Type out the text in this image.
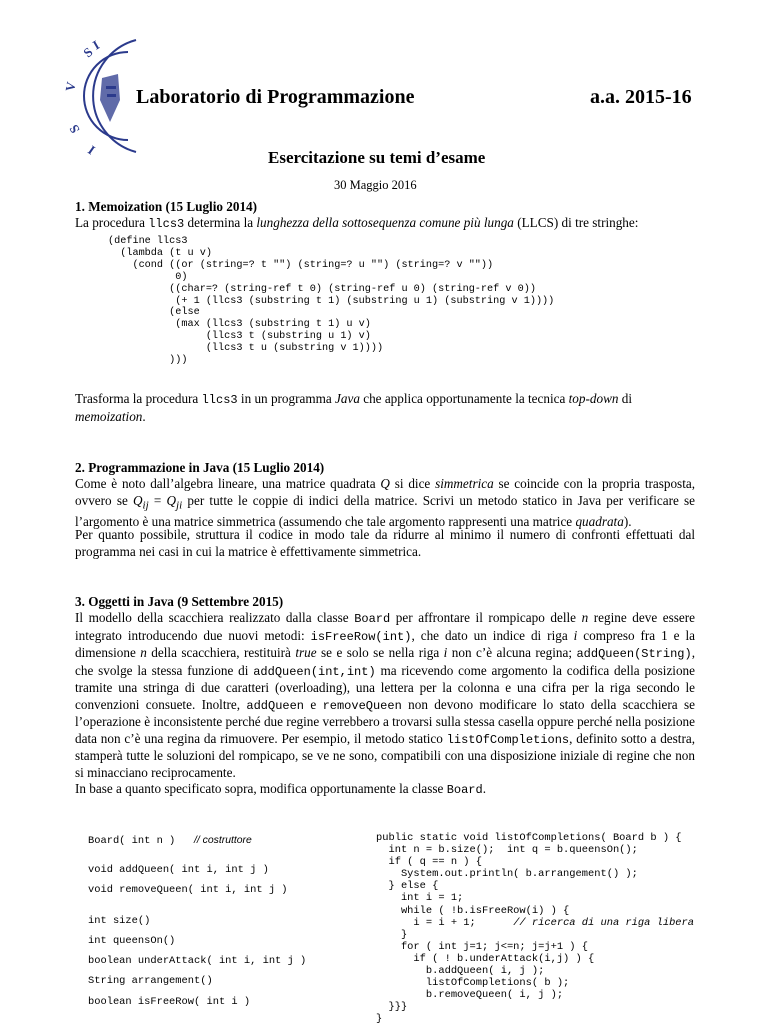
S
I
V
S
I
Laboratorio di Programmazione	a.a. 2015-16
Esercitazione su temi d’esame
30 Maggio 2016
1. Memoization (15 Luglio 2014)
La procedura llcs3 determina la lunghezza della sottosequenza comune più lunga (LLCS) di tre stringhe:
(define llcs3
(lambda (t u v)
(cond ((or (string=? t "") (string=? u "") (string=? v ""))
0)
((char=? (string-ref t 0) (string-ref u 0) (string-ref v 0))
(+ 1 (llcs3 (substring t 1) (substring u 1) (substring v 1))))
(else
(max (llcs3 (substring t 1) u v)
(llcs3 t (substring u 1) v)
(llcs3 t u (substring v 1))))
)))
Trasforma la procedura llcs3 in un programma Java che applica opportunamente la tecnica top-down di memoization.
2. Programmazione in Java (15 Luglio 2014)
Come è noto dall’algebra lineare, una matrice quadrata Q si dice simmetrica se coincide con la propria trasposta, ovvero se $Q_{ij} = Q_{ji}$ per tutte le coppie di indici della matrice. Scrivi un metodo statico in Java per verificare se l’argomento è una matrice simmetrica (assumendo che tale argomento rappresenti una matrice quadrata).
Per quanto possibile, struttura il codice in modo tale da ridurre al minimo il numero di confronti effettuati dal programma nei casi in cui la matrice è effettivamente simmetrica.
3. Oggetti in Java (9 Settembre 2015)
Il modello della scacchiera realizzato dalla classe Board per affrontare il rompicapo delle n regine deve essere integrato introducendo due nuovi metodi: isFreeRow(int), che dato un indice di riga i compreso fra 1 e la dimensione n della scacchiera, restituirà true se e solo se nella riga i non c’è alcuna regina; addQueen(String), che svolge la stessa funzione di addQueen(int,int) ma ricevendo come argomento la codifica della posizione tramite una stringa di due caratteri (overloading), una lettera per la colonna e una cifra per la riga secondo le convenzioni consuete. Inoltre, addQueen e removeQueen non devono modificare lo stato della scacchiera se l’operazione è inconsistente perché due regine verrebbero a trovarsi sulla stessa casella oppure perché nella posizione data non c’è una regina da rimuovere. Per esempio, il metodo statico listOfCompletions, definito sotto a destra, stamperà tutte le soluzioni del rompicapo, se ve ne sono, compatibili con una disposizione iniziale di regine che non si minacciano reciprocamente.
In base a quanto specificato sopra, modifica opportunamente la classe Board.
Board( int n ) // costruttore
void addQueen( int i, int j )
void removeQueen( int i, int j )
int size()
int queensOn()
boolean underAttack( int i, int j )
String arrangement()
boolean isFreeRow( int i )
public static void listOfCompletions( Board b ) {
int n = b.size();  int q = b.queensOn();
if ( q == n ) {
System.out.println( b.arrangement() );
} else {
int i = 1;
while ( !b.isFreeRow(i) ) {
i = i + 1;	// ricerca di una riga libera
}
for ( int j=1; j<=n; j=j+1 ) {
if ( ! b.underAttack(i,j) ) {
b.addQueen( i, j );
listOfCompletions( b );
b.removeQueen( i, j );
}}}
}
